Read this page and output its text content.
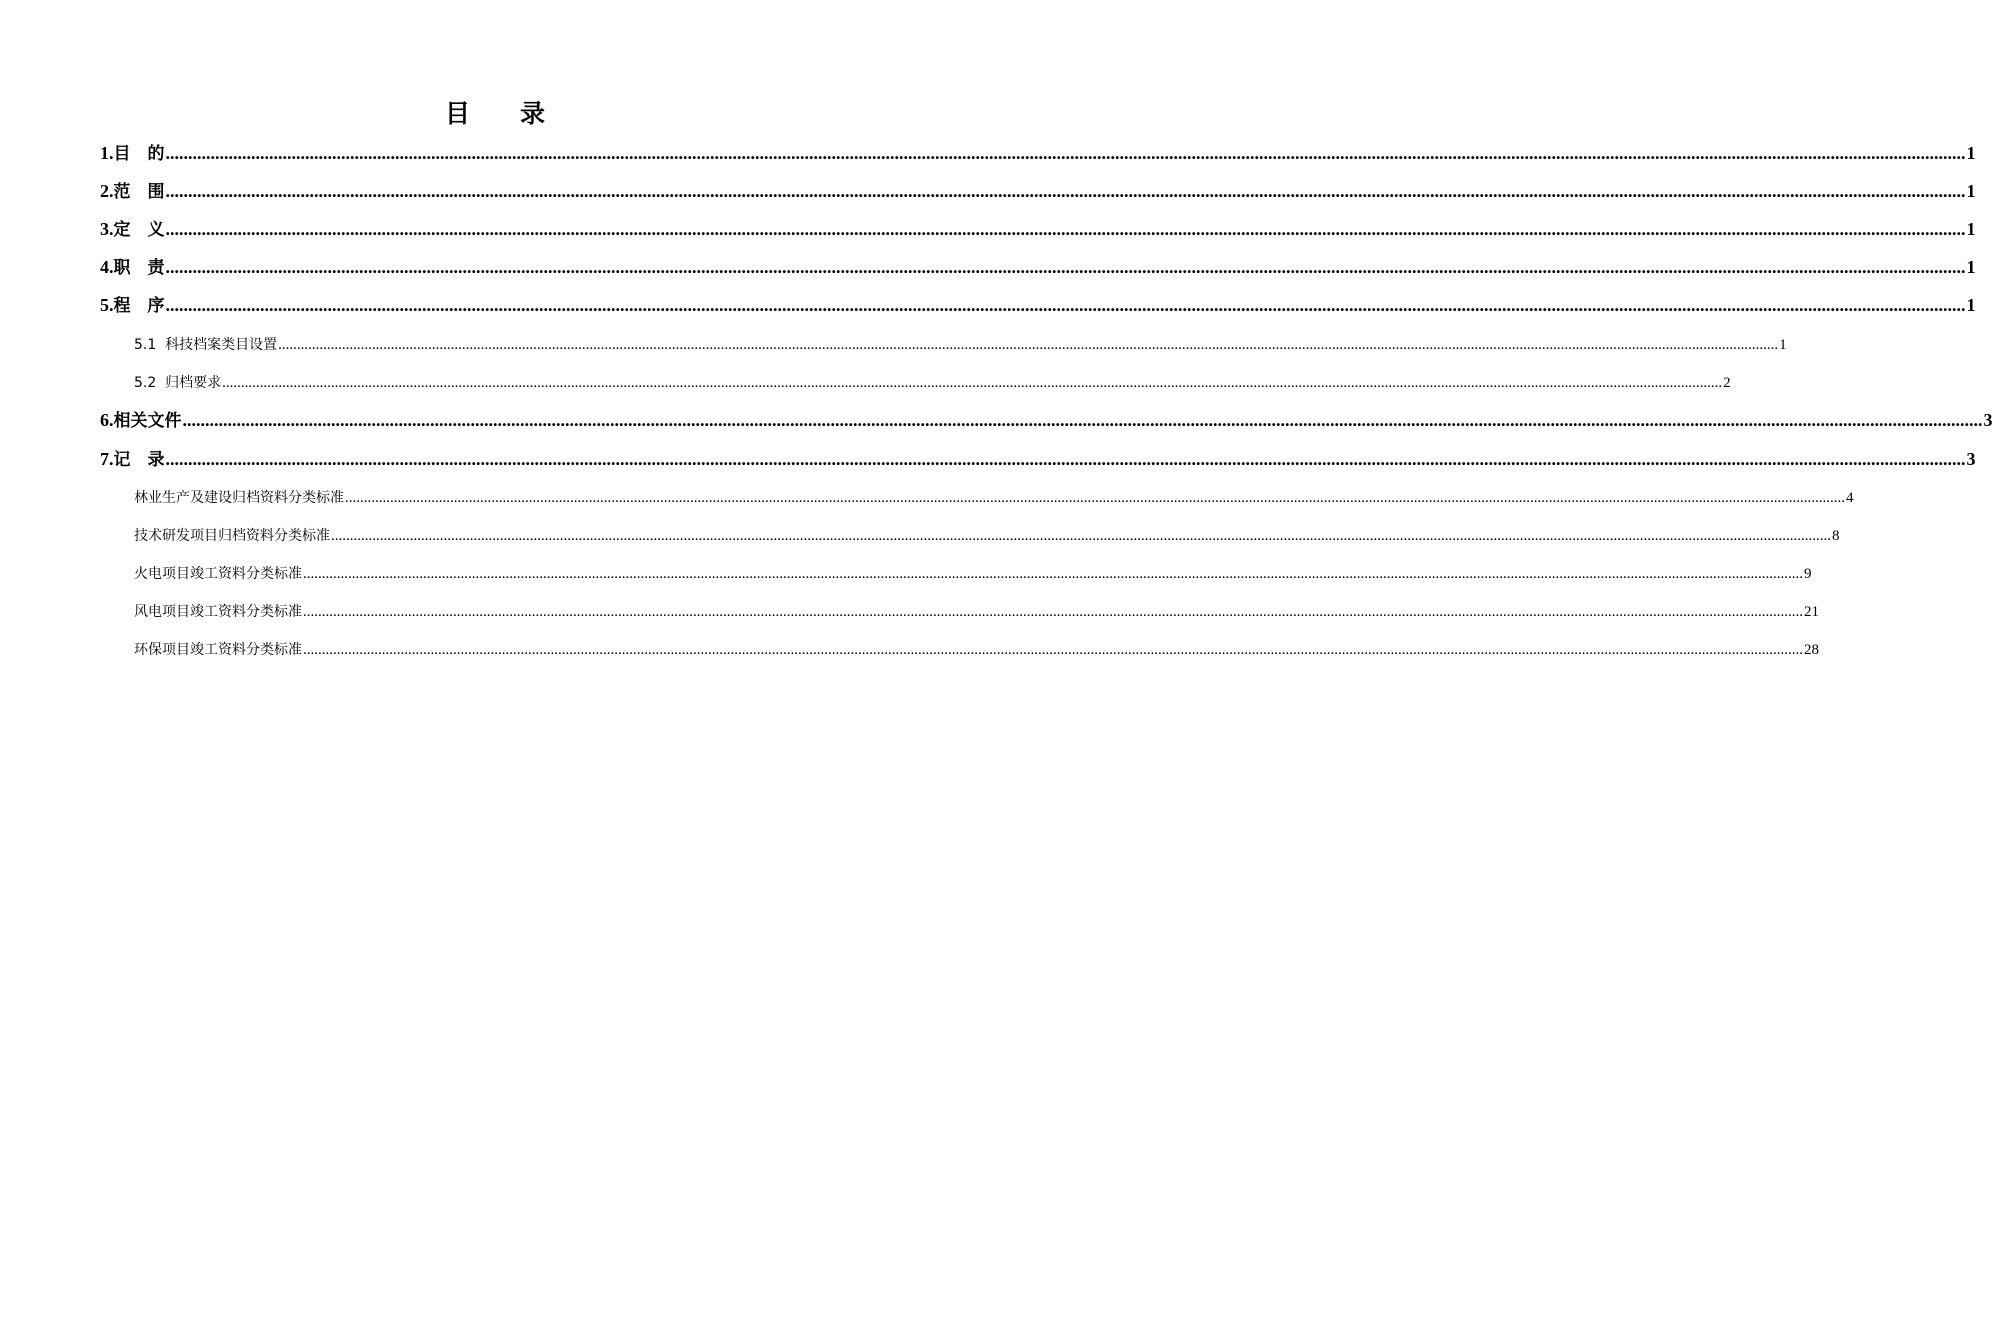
目　　录
1.目　的 ................................................................................................................................................................................................................................................................................................................................................................................................................ 1
2.范　围 ................................................................................................................................................................................................................................................................................................................................................................................................................ 1
3.定　义 ................................................................................................................................................................................................................................................................................................................................................................................................................ 1
4.职　责 ................................................................................................................................................................................................................................................................................................................................................................................................................ 1
5.程　序 ................................................................................................................................................................................................................................................................................................................................................................................................................ 1
5.1  科技档案类目设置 ................................................................................................................................................................................................................................................................................................................................................................................................................ 1
5.2  归档要求 ................................................................................................................................................................................................................................................................................................................................................................................................................ 2
6.相关文件 ................................................................................................................................................................................................................................................................................................................................................................................................................ 3
7.记　录 ................................................................................................................................................................................................................................................................................................................................................................................................................ 3
林业生产及建设归档资料分类标准 ................................................................................................................................................................................................................................................................................................................................................................................................................ 4
技术研发项目归档资料分类标准 ................................................................................................................................................................................................................................................................................................................................................................................................................ 8
火电项目竣工资料分类标准 ................................................................................................................................................................................................................................................................................................................................................................................................................ 9
风电项目竣工资料分类标准 ................................................................................................................................................................................................................................................................................................................................................................................................................ 21
环保项目竣工资料分类标准 ................................................................................................................................................................................................................................................................................................................................................................................................................ 28
